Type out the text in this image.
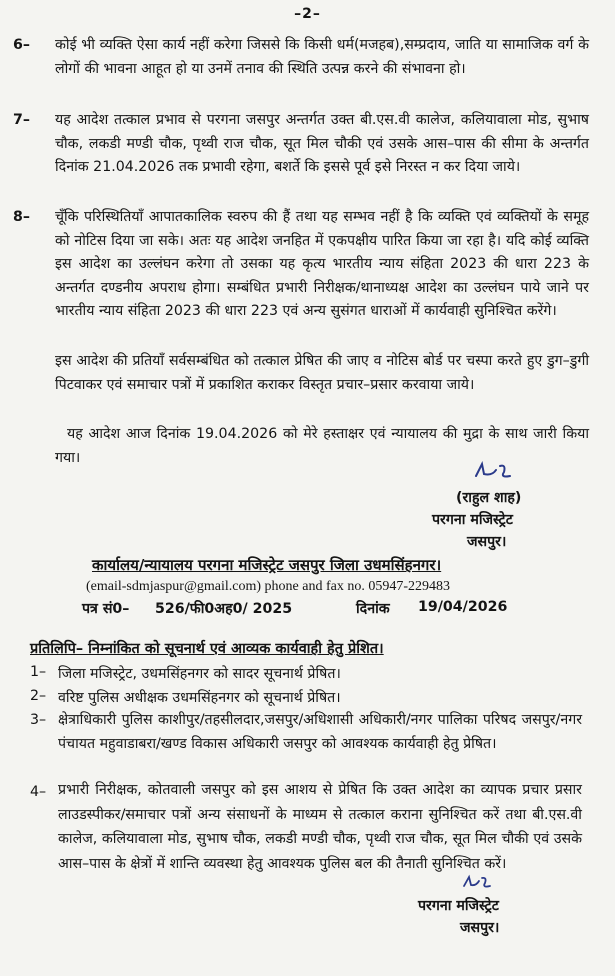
–2–
6– कोई भी व्यक्ति ऐसा कार्य नहीं करेगा जिससे कि किसी धर्म(मजहब),सम्प्रदाय, जाति या सामाजिक वर्ग के लोगों की भावना आहूत हो या उनमें तनाव की स्थिति उत्पन्न करने की संभावना हो।
7– यह आदेश तत्काल प्रभाव से परगना जसपुर अन्तर्गत उक्त बी.एस.वी कालेज, कलियावाला मोड, सुभाष चौक, लकडी मण्डी चौक, पृथ्वी राज चौक, सूत मिल चौकी एवं उसके आस–पास की सीमा के अन्तर्गत दिनांक 21.04.2026 तक प्रभावी रहेगा, बशर्ते कि इससे पूर्व इसे निरस्त न कर दिया जाये।
8– चूँकि परिस्थितियाँ आपातकालिक स्वरुप की हैं तथा यह सम्भव नहीं है कि व्यक्ति एवं व्यक्तियों के समूह को नोटिस दिया जा सके। अतः यह आदेश जनहित में एकपक्षीय पारित किया जा रहा है। यदि कोई व्यक्ति इस आदेश का उल्लंघन करेगा तो उसका यह कृत्य भारतीय न्याय संहिता 2023 की धारा 223 के अन्तर्गत दण्डनीय अपराध होगा। सम्बंधित प्रभारी निरीक्षक/थानाध्यक्ष आदेश का उल्लंघन पाये जाने पर भारतीय न्याय संहिता 2023 की धारा 223 एवं अन्य सुसंगत धाराओं में कार्यवाही सुनिश्चित करेंगे।
इस आदेश की प्रतियाँ सर्वसम्बंधित को तत्काल प्रेषित की जाए व नोटिस बोर्ड पर चस्पा करते हुए डुग–डुगी पिटवाकर एवं समाचार पत्रों में प्रकाशित कराकर विस्तृत प्रचार–प्रसार करवाया जाये।
यह आदेश आज दिनांक 19.04.2026 को मेरे हस्ताक्षर एवं न्यायालय की मुद्रा के साथ जारी किया गया।
(राहुल शाह)
परगना मजिस्ट्रेट
जसपुर।
कार्यालय/न्यायालय परगना मजिस्ट्रेट जसपुर जिला उधमसिंहनगर।
(email-sdmjaspur@gmail.com) phone and fax no. 05947-229483
पत्र सं0– 526/फी0अह0/ 2025	दिनांक 19/04/2026
प्रतिलिपि– निम्नांकित को सूचनार्थ एवं आव्यक कार्यवाही हेतु प्रेशित।
1– जिला मजिस्ट्रेट, उधमसिंहनगर को सादर सूचनार्थ प्रेषित।
2– वरिष्ट पुलिस अधीक्षक उधमसिंहनगर को सूचनार्थ प्रेषित।
3– क्षेत्राधिकारी पुलिस काशीपुर/तहसीलदार,जसपुर/अधिशासी अधिकारी/नगर पालिका परिषद जसपुर/नगर पंचायत महुवाडाबरा/खण्ड विकास अधिकारी जसपुर को आवश्यक कार्यवाही हेतु प्रेषित।
4– प्रभारी निरीक्षक, कोतवाली जसपुर को इस आशय से प्रेषित कि उक्त आदेश का व्यापक प्रचार प्रसार लाउडस्पीकर/समाचार पत्रों अन्य संसाधनों के माध्यम से तत्काल कराना सुनिश्चित करें तथा बी.एस.वी कालेज, कलियावाला मोड, सुभाष चौक, लकडी मण्डी चौक, पृथ्वी राज चौक, सूत मिल चौकी एवं उसके आस–पास के क्षेत्रों में शान्ति व्यवस्था हेतु आवश्यक पुलिस बल की तैनाती सुनिश्चित करें।
परगना मजिस्ट्रेट
जसपुर।
